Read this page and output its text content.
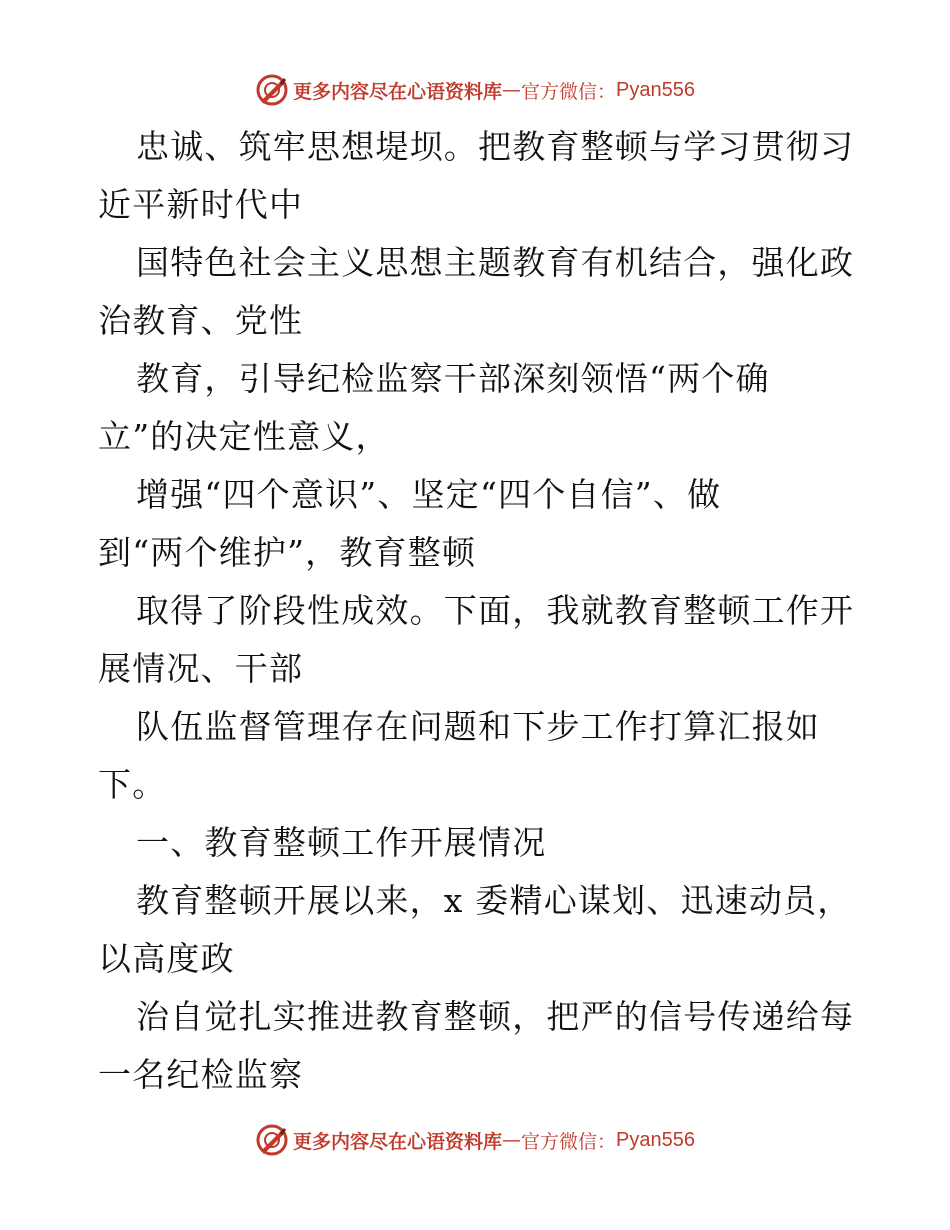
更多内容尽在心语资料库 — 官方微信： Pyan556
忠诚、筑牢思想堤坝。把教育整顿与学习贯彻习
近平新时代中
国特色社会主义思想主题教育有机结合，强化政
治教育、党性
教育，引导纪检监察干部深刻领悟“两个确
立”的决定性意义，
增强“四个意识”、坚定“四个自信”、做
到“两个维护”，教育整顿
取得了阶段性成效。下面，我就教育整顿工作开
展情况、干部
队伍监督管理存在问题和下步工作打算汇报如
下。
一、教育整顿工作开展情况
教育整顿开展以来，x 委精心谋划、迅速动员，
以高度政
治自觉扎实推进教育整顿，把严的信号传递给每
一名纪检监察
更多内容尽在心语资料库 — 官方微信： Pyan556
